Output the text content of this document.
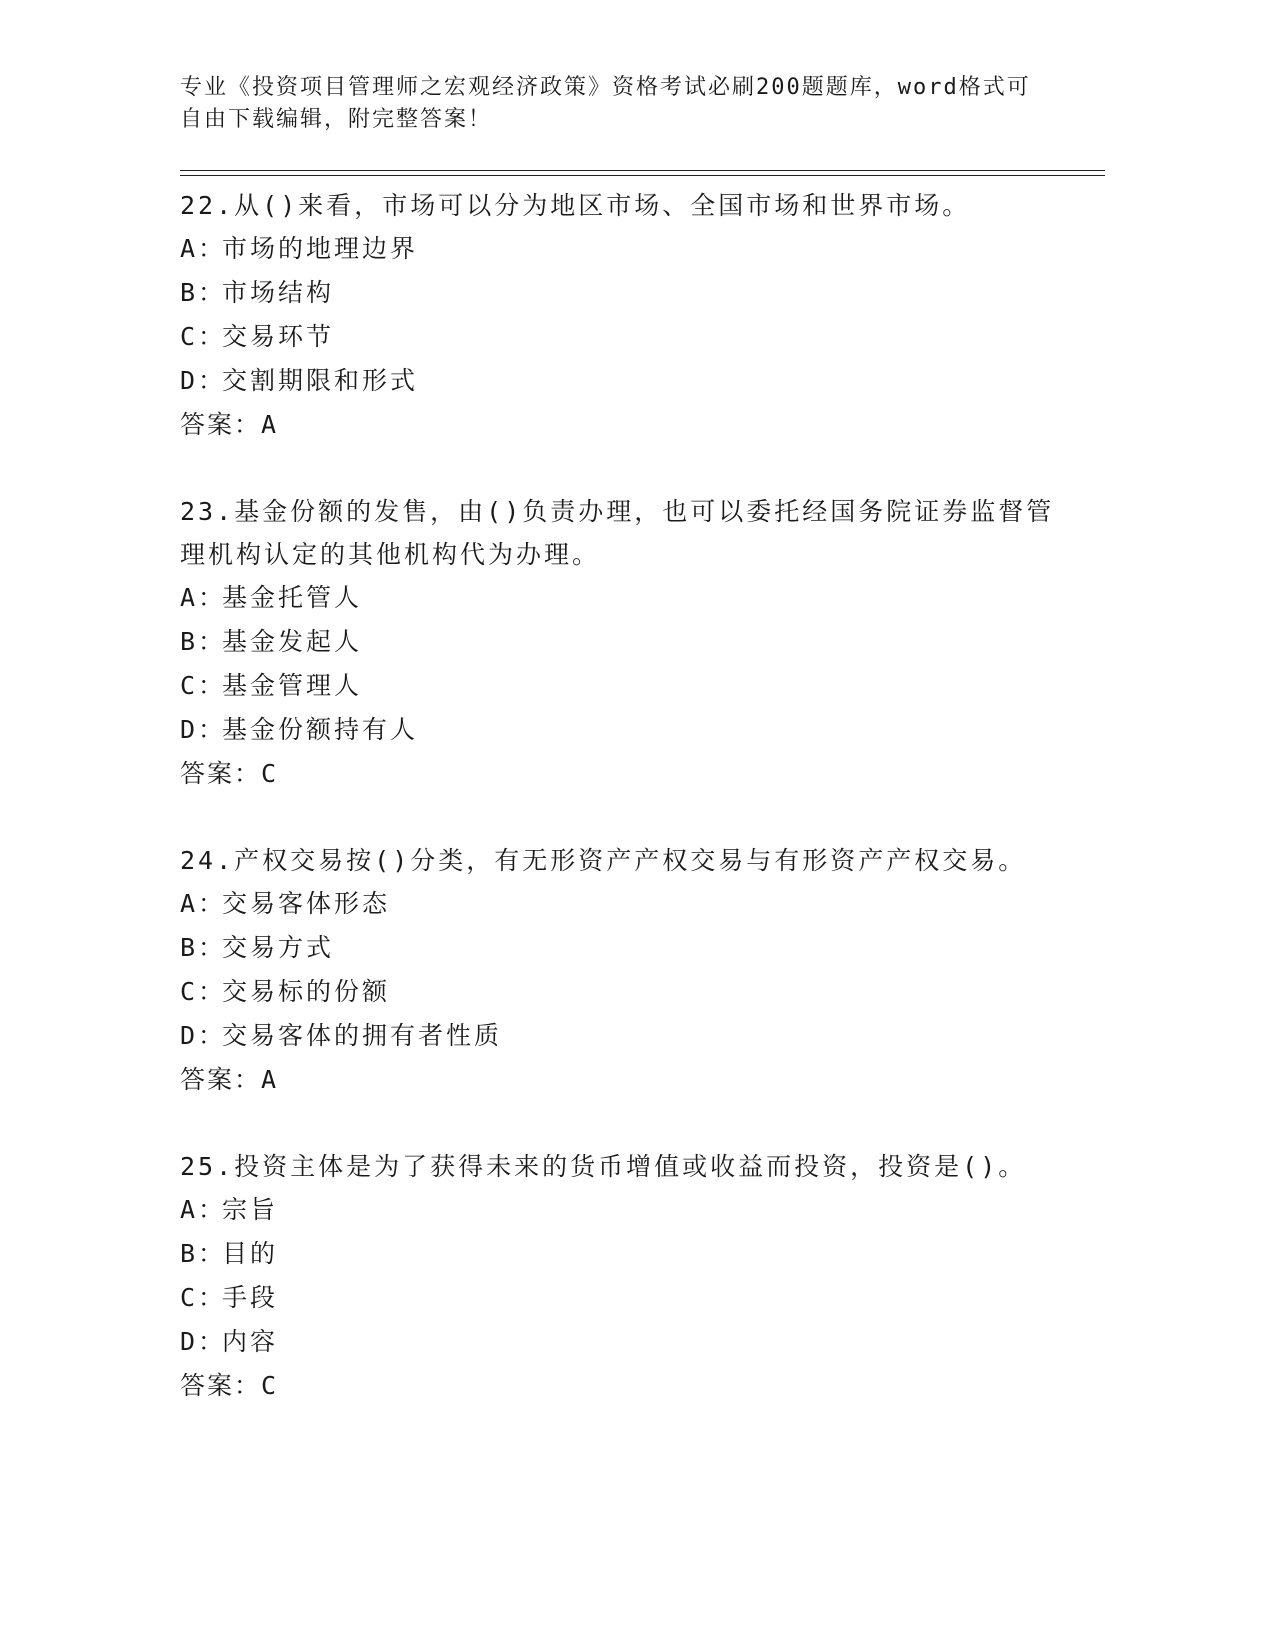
专业《投资项目管理师之宏观经济政策》资格考试必刷200题题库，word格式可自由下载编辑，附完整答案！

22.从()来看，市场可以分为地区市场、全国市场和世界市场。

A：
市场的地理边界
B：
市场结构
C：
交易环节
D：
交割期限和形式

答案：A

23.基金份额的发售，由()负责办理，也可以委托经国务院证券监督管理机构认定的其他机构代为办理。

A：
基金托管人
B：
基金发起人
C：
基金管理人
D：
基金份额持有人

答案：C

24.产权交易按()分类，有无形资产产权交易与有形资产产权交易。

A：
交易客体形态
B：
交易方式
C：
交易标的份额
D：
交易客体的拥有者性质

答案：A

25.投资主体是为了获得未来的货币增值或收益而投资，投资是()。

A：
宗旨
B：
目的
C：
手段
D：
内容

答案：C
